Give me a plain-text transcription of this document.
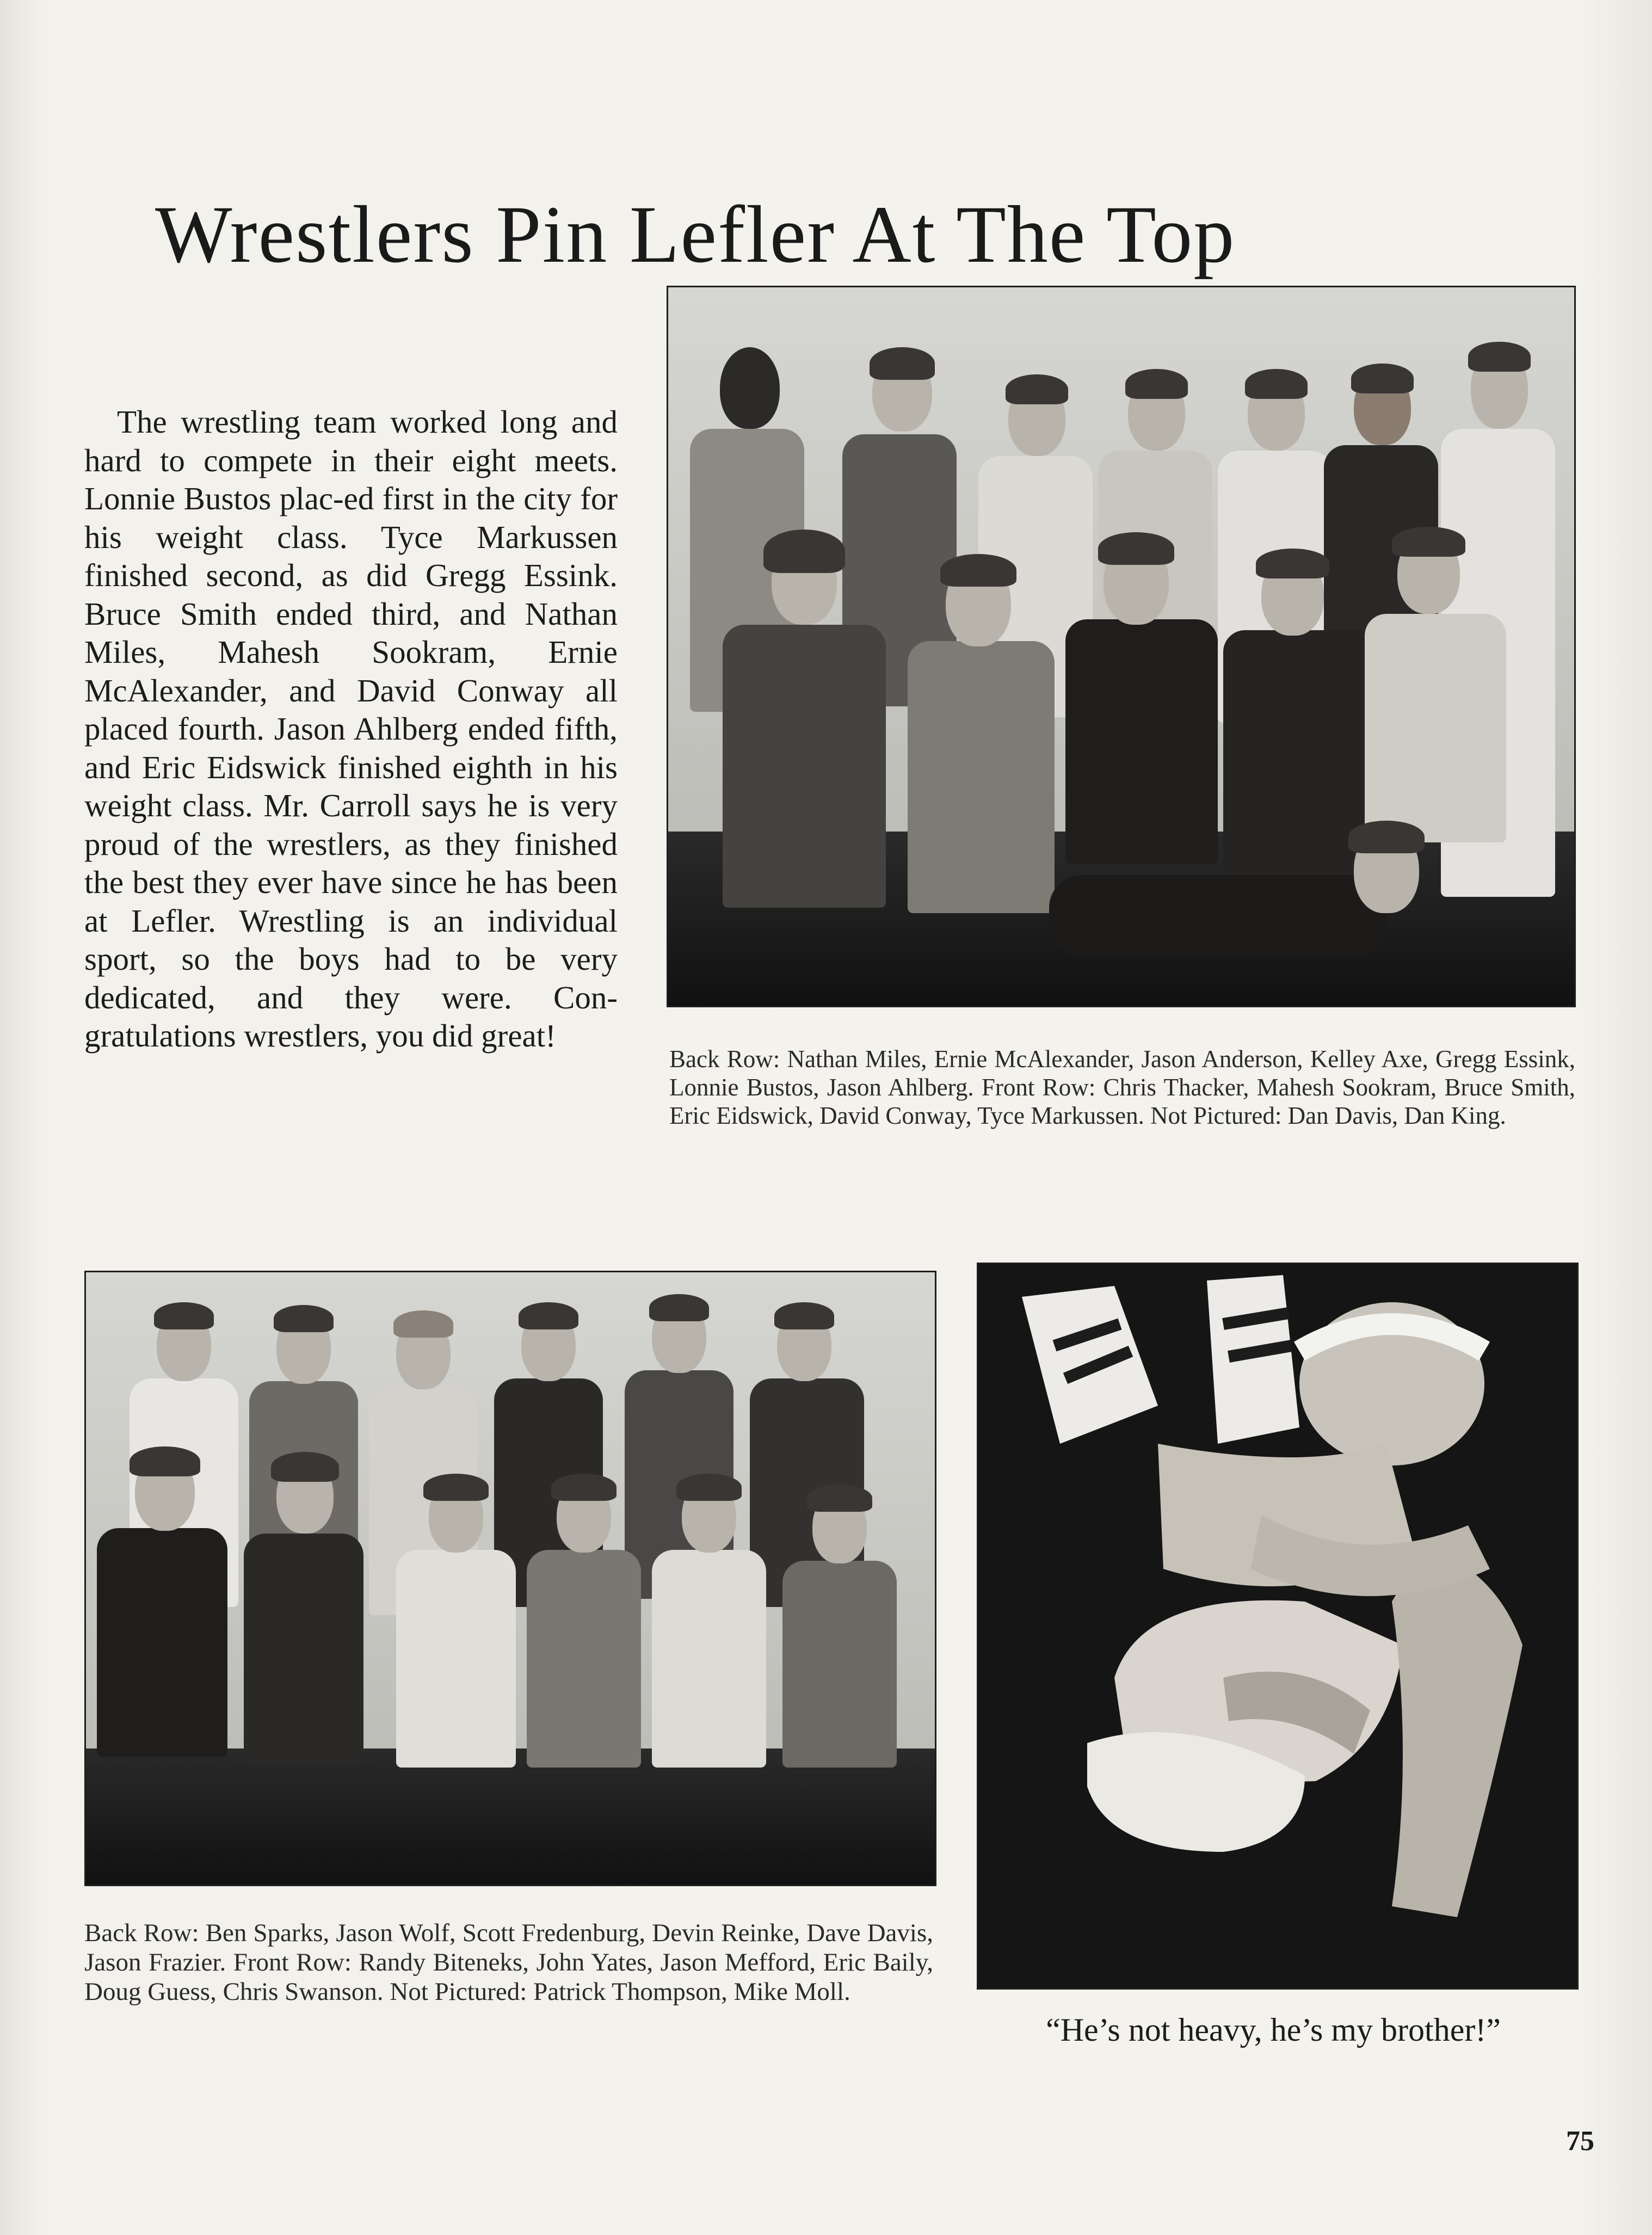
Wrestlers Pin Lefler At The Top

The wrestling team worked long and hard to compete in their eight meets. Lonnie Bustos plac-ed first in the city for his weight class. Tyce Markussen finished second, as did Gregg Essink. Bruce Smith ended third, and Nathan Miles, Mahesh Sookram, Ernie McAlexander, and David Conway all placed fourth. Jason Ahlberg ended fifth, and Eric Eidswick finished eighth in his weight class. Mr. Carroll says he is very proud of the wrestlers, as they finished the best they ever have since he has been at Lefler. Wrestling is an individual sport, so the boys had to be very dedicated, and they were. Con-gratulations wrestlers, you did great!

Back Row: Nathan Miles, Ernie McAlexander, Jason Anderson, Kelley Axe, Gregg Essink, Lonnie Bustos, Jason Ahlberg. Front Row: Chris Thacker, Mahesh Sookram, Bruce Smith, Eric Eidswick, David Conway, Tyce Markussen. Not Pictured: Dan Davis, Dan King.

Back Row: Ben Sparks, Jason Wolf, Scott Fredenburg, Devin Reinke, Dave Davis, Jason Frazier. Front Row: Randy Biteneks, John Yates, Jason Mefford, Eric Baily, Doug Guess, Chris Swanson. Not Pictured: Patrick Thompson, Mike Moll.

J•B

“He’s not heavy, he’s my brother!”

75
